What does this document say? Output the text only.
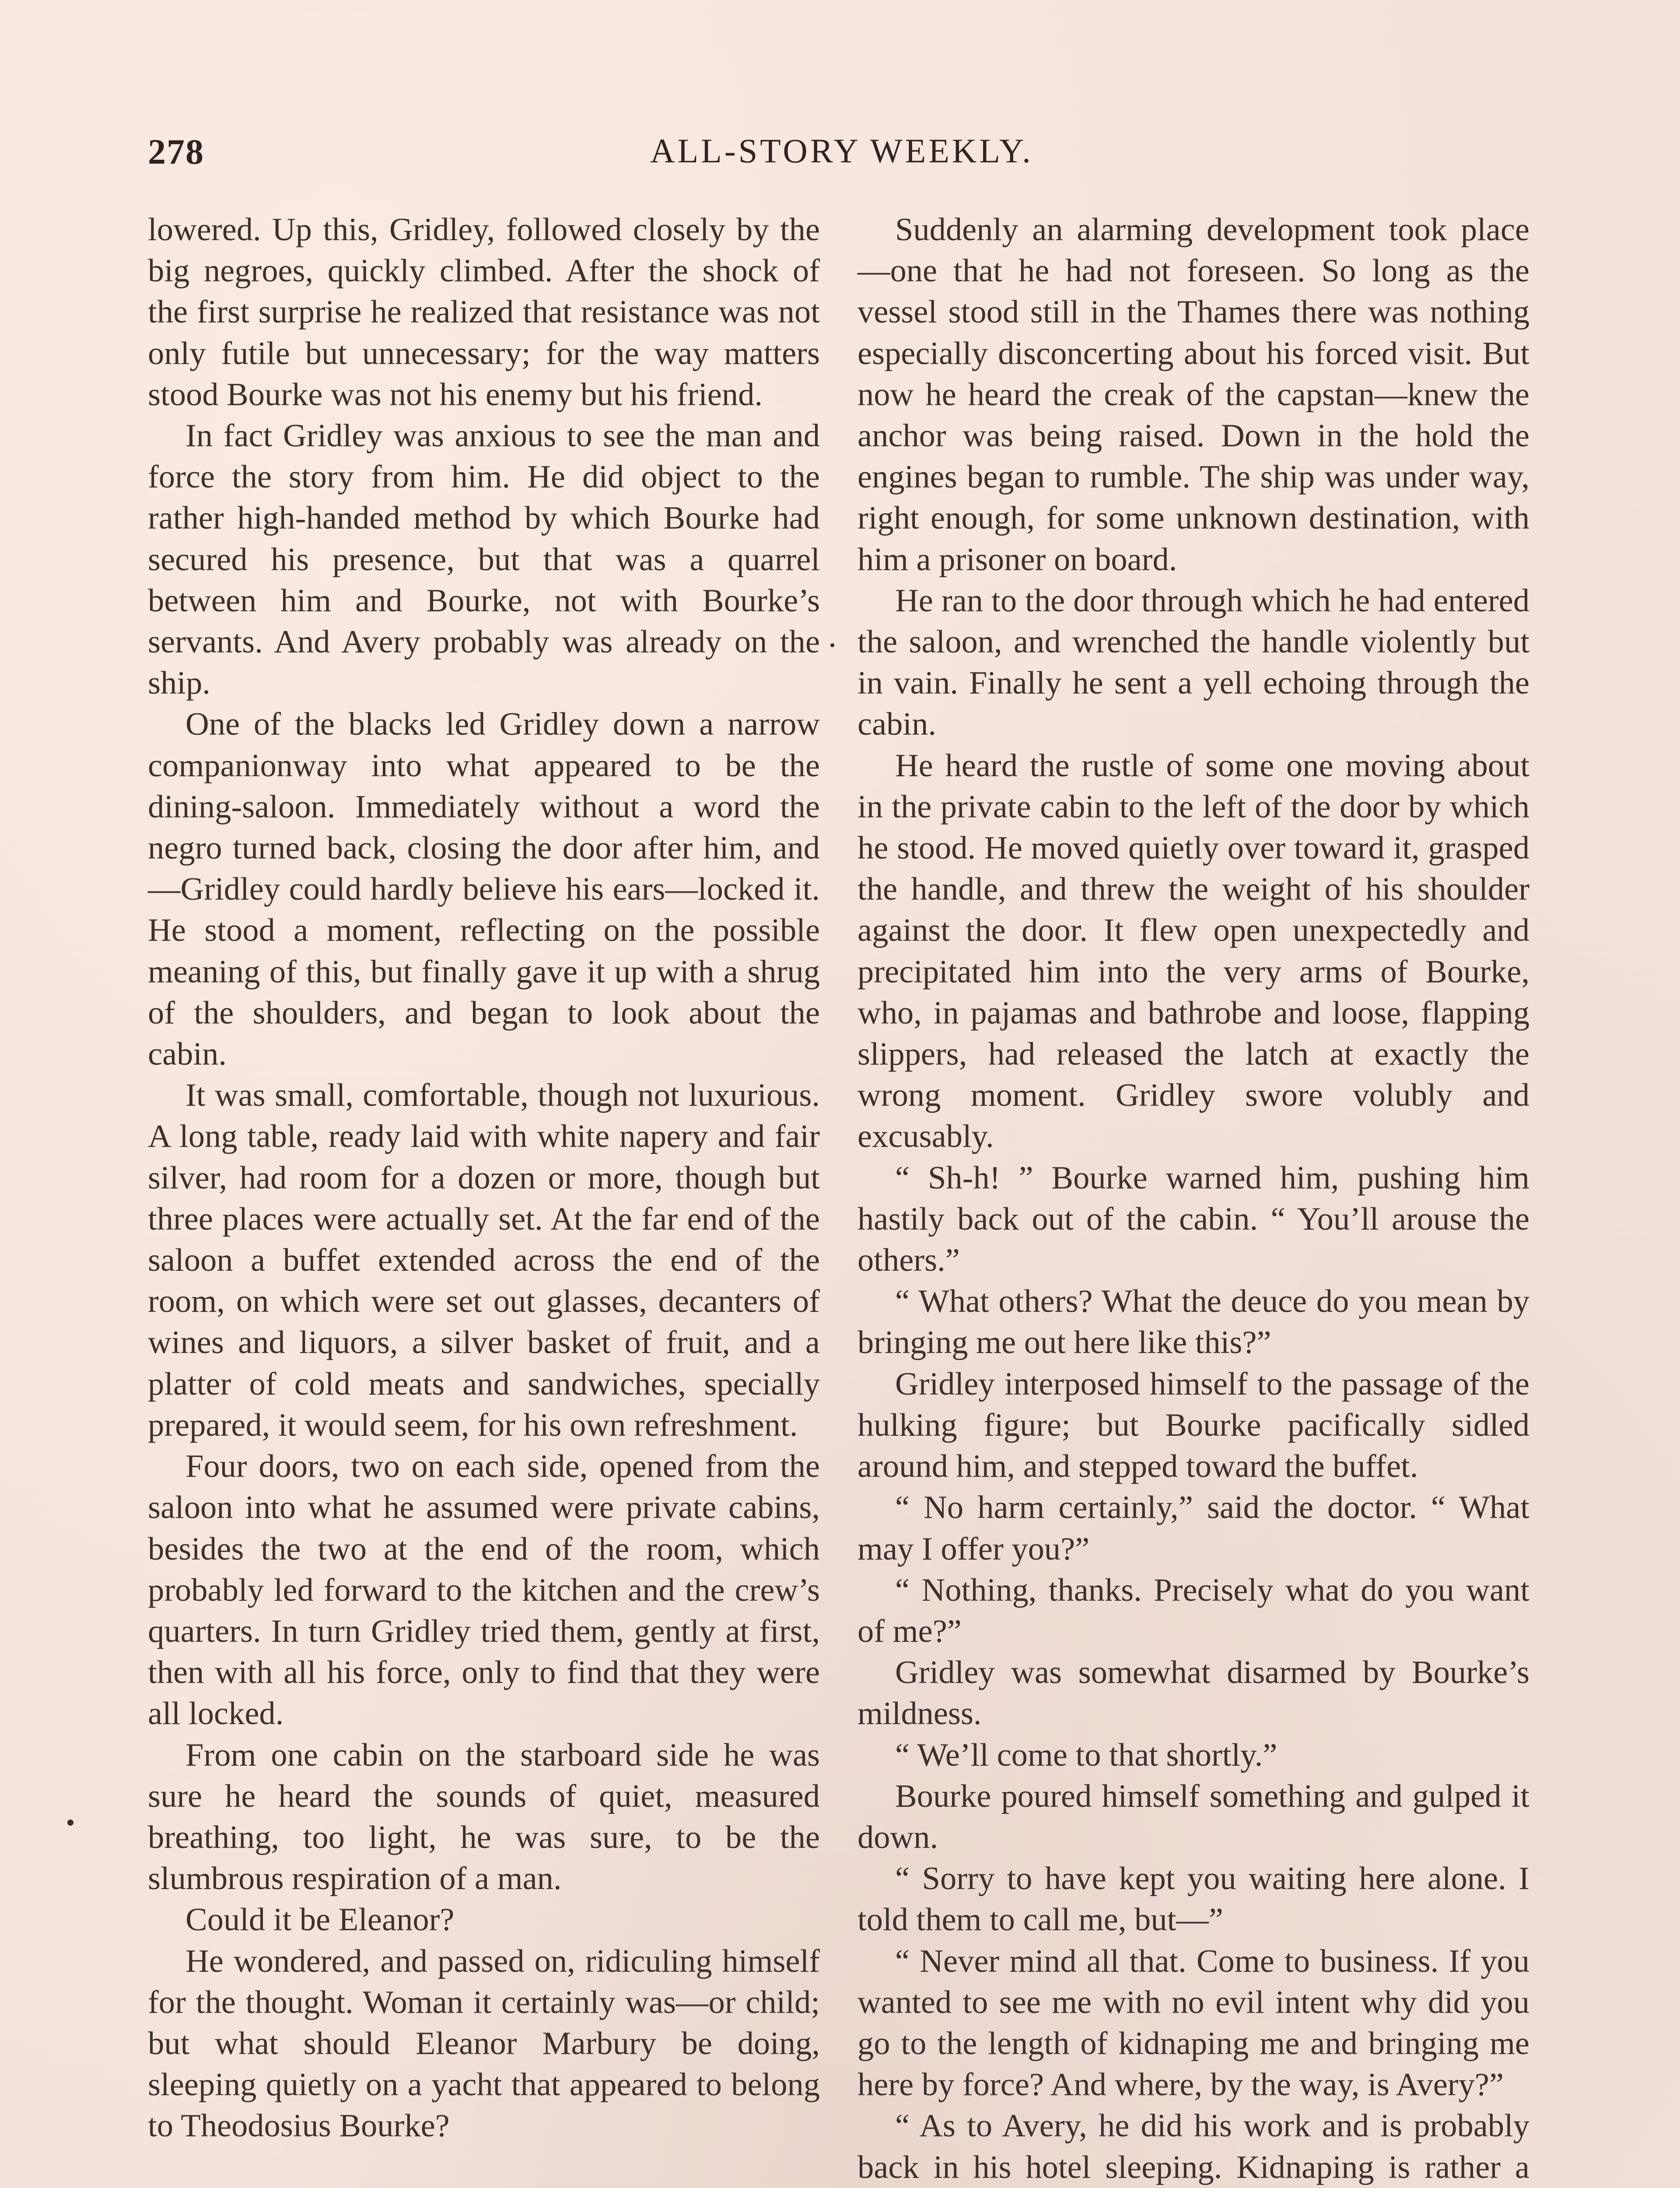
278	ALL-STORY WEEKLY.

lowered. Up this, Gridley, followed closely by the big negroes, quickly climbed. After the shock of the first surprise he realized that resistance was not only futile but unnecessary; for the way matters stood Bourke was not his enemy but his friend.

In fact Gridley was anxious to see the man and force the story from him. He did object to the rather high-handed method by which Bourke had secured his presence, but that was a quarrel between him and Bourke, not with Bourke’s servants. And Avery probably was already on the ship.

One of the blacks led Gridley down a narrow companionway into what appeared to be the dining-saloon. Immediately without a word the negro turned back, closing the door after him, and—Gridley could hardly believe his ears—locked it. He stood a moment, reflecting on the possible meaning of this, but finally gave it up with a shrug of the shoulders, and began to look about the cabin.

It was small, comfortable, though not luxurious. A long table, ready laid with white napery and fair silver, had room for a dozen or more, though but three places were actually set. At the far end of the saloon a buffet extended across the end of the room, on which were set out glasses, decanters of wines and liquors, a silver basket of fruit, and a platter of cold meats and sandwiches, specially prepared, it would seem, for his own refreshment.

Four doors, two on each side, opened from the saloon into what he assumed were private cabins, besides the two at the end of the room, which probably led forward to the kitchen and the crew’s quarters. In turn Gridley tried them, gently at first, then with all his force, only to find that they were all locked.

From one cabin on the starboard side he was sure he heard the sounds of quiet, measured breathing, too light, he was sure, to be the slumbrous respiration of a man.

Could it be Eleanor?

He wondered, and passed on, ridiculing himself for the thought. Woman it certainly was—or child; but what should Eleanor Marbury be doing, sleeping quietly on a yacht that appeared to belong to Theodosius Bourke?

Suddenly an alarming development took place—one that he had not foreseen. So long as the vessel stood still in the Thames there was nothing especially disconcerting about his forced visit. But now he heard the creak of the capstan—knew the anchor was being raised. Down in the hold the engines began to rumble. The ship was under way, right enough, for some unknown destination, with him a prisoner on board.

He ran to the door through which he had entered the saloon, and wrenched the handle violently but in vain. Finally he sent a yell echoing through the cabin.

He heard the rustle of some one moving about in the private cabin to the left of the door by which he stood. He moved quietly over toward it, grasped the handle, and threw the weight of his shoulder against the door. It flew open unexpectedly and precipitated him into the very arms of Bourke, who, in pajamas and bathrobe and loose, flapping slippers, had released the latch at exactly the wrong moment. Gridley swore volubly and excusably.

“ Sh-h! ” Bourke warned him, pushing him hastily back out of the cabin. “ You’ll arouse the others.”

“ What others? What the deuce do you mean by bringing me out here like this?”

Gridley interposed himself to the passage of the hulking figure; but Bourke pacifically sidled around him, and stepped toward the buffet.

“ No harm certainly,” said the doctor. “ What may I offer you?”

“ Nothing, thanks. Precisely what do you want of me?”

Gridley was somewhat disarmed by Bourke’s mildness.

“ We’ll come to that shortly.”

Bourke poured himself something and gulped it down.

“ Sorry to have kept you waiting here alone. I told them to call me, but—”

“ Never mind all that. Come to business. If you wanted to see me with no evil intent why did you go to the length of kidnaping me and bringing me here by force? And where, by the way, is Avery?”

“ As to Avery, he did his work and is probably back in his hotel sleeping. Kidnaping is rather a
